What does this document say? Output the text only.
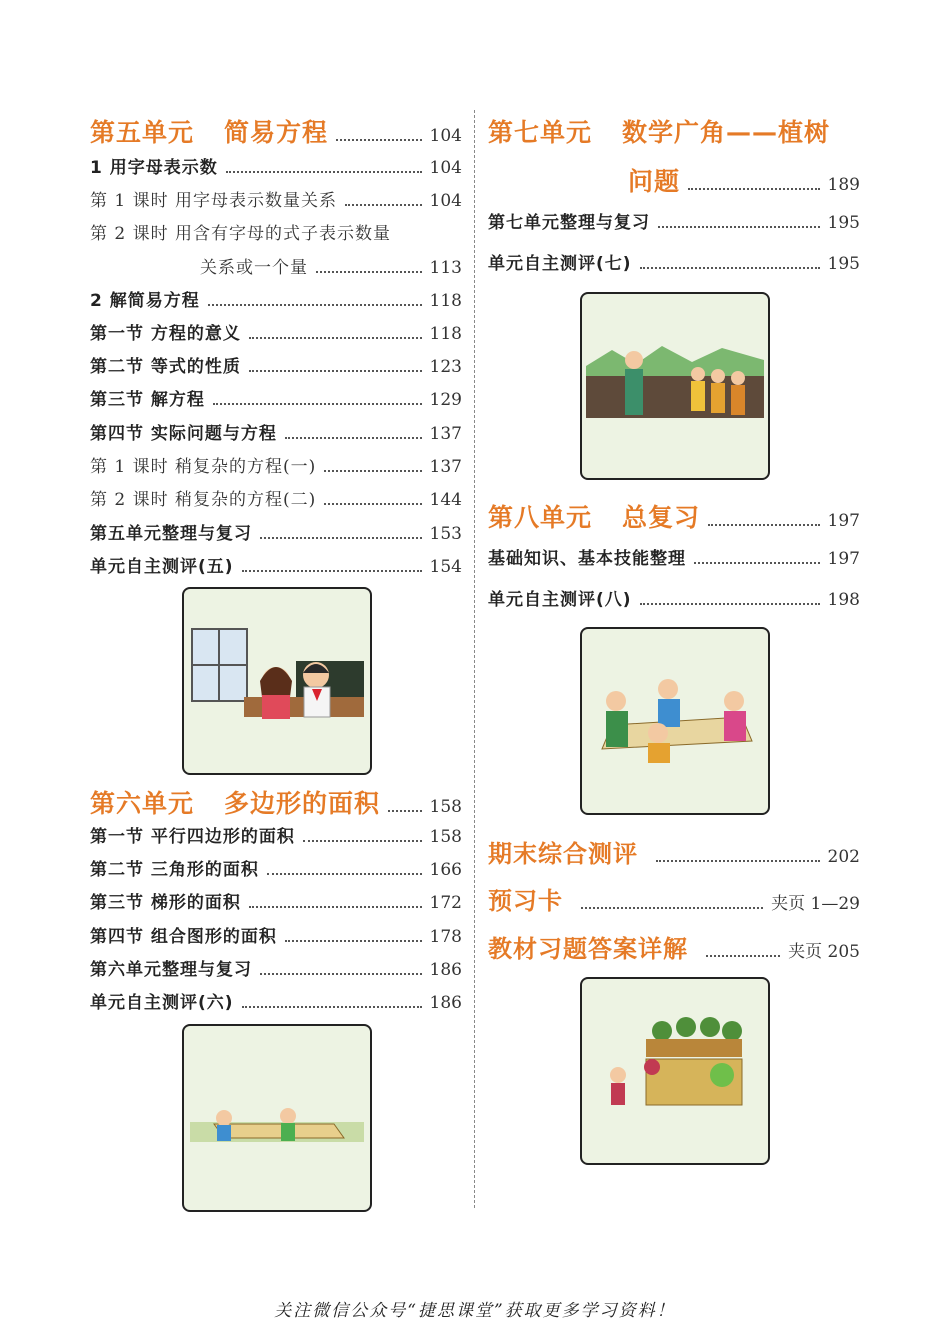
第五单元 简易方程	104
1 用字母表示数	104
第 1 课时 用字母表示数量关系	104
第 2 课时 用含有字母的式子表示数量
关系或一个量	113
2 解简易方程	118
第一节 方程的意义	118
第二节 等式的性质	123
第三节 解方程	129
第四节 实际问题与方程	137
第 1 课时 稍复杂的方程(一)	137
第 2 课时 稍复杂的方程(二)	144
第五单元整理与复习	153
单元自主测评(五)	154
第六单元 多边形的面积	158
第一节 平行四边形的面积	158
第二节 三角形的面积	166
第三节 梯形的面积	172
第四节 组合图形的面积	178
第六单元整理与复习	186
单元自主测评(六)	186
第七单元 数学广角——植树
问题	189
第七单元整理与复习	195
单元自主测评(七)	195
第八单元 总复习	197
基础知识、基本技能整理	197
单元自主测评(八)	198
期末综合测评	202
预习卡	夹页 1—29
教材习题答案详解	夹页 205
关注微信公众号“捷思课堂”获取更多学习资料！
